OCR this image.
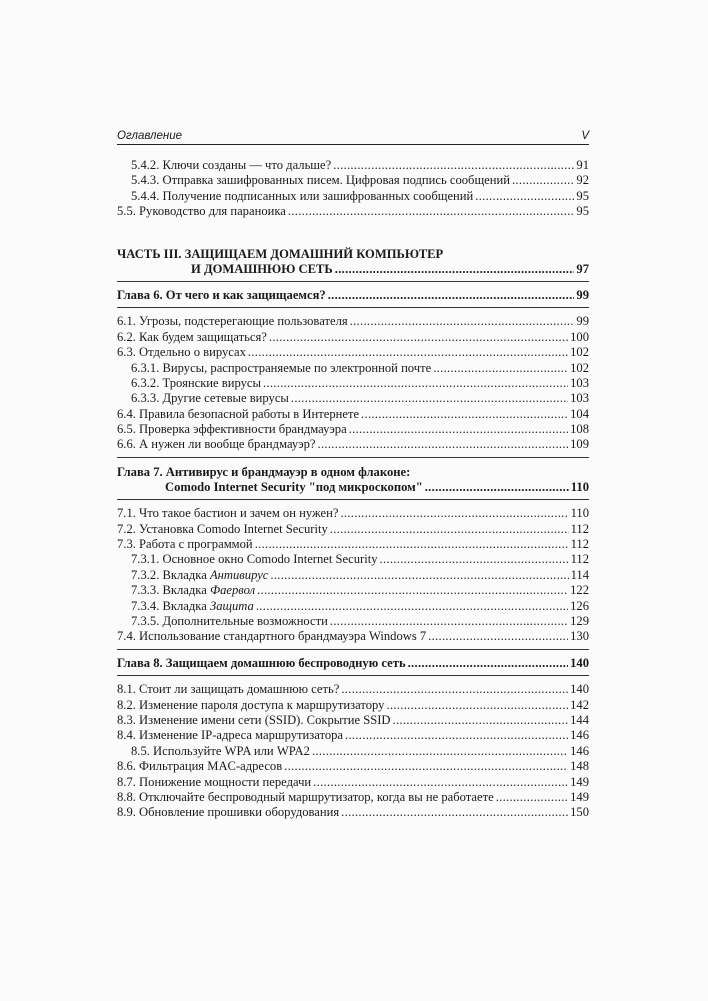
Оглавление	V
5.4.2. Ключи созданы — что дальше? .....	91
5.4.3. Отправка зашифрованных писем. Цифровая подпись сообщений .....	92
5.4.4. Получение подписанных или зашифрованных сообщений .....	95
5.5. Руководство для параноика .....	95
ЧАСТЬ III. ЗАЩИЩАЕМ ДОМАШНИЙ КОМПЬЮТЕР
И ДОМАШНЮЮ СЕТЬ .....	97
Глава 6. От чего и как защищаемся? .....	99
6.1. Угрозы, подстерегающие пользователя .....	99
6.2. Как будем защищаться? .....	100
6.3. Отдельно о вирусах .....	102
6.3.1. Вирусы, распространяемые по электронной почте .....	102
6.3.2. Троянские вирусы .....	103
6.3.3. Другие сетевые вирусы .....	103
6.4. Правила безопасной работы в Интернете .....	104
6.5. Проверка эффективности брандмауэра .....	108
6.6. А нужен ли вообще брандмауэр? .....	109
Глава 7. Антивирус и брандмауэр в одном флаконе:
Comodo Internet Security "под микроскопом" .....	110
7.1. Что такое бастион и зачем он нужен? .....	110
7.2. Установка Comodo Internet Security .....	112
7.3. Работа с программой .....	112
7.3.1. Основное окно Comodo Internet Security .....	112
7.3.2. Вкладка Антивирус .....	114
7.3.3. Вкладка Фаервол .....	122
7.3.4. Вкладка Защита .....	126
7.3.5. Дополнительные возможности .....	129
7.4. Использование стандартного брандмауэра Windows 7 .....	130
Глава 8. Защищаем домашнюю беспроводную сеть .....	140
8.1. Стоит ли защищать домашнюю сеть? .....	140
8.2. Изменение пароля доступа к маршрутизатору .....	142
8.3. Изменение имени сети (SSID). Сокрытие SSID .....	144
8.4. Изменение IP-адреса маршрутизатора .....	146
8.5. Используйте WPA или WPA2 .....	146
8.6. Фильтрация MAC-адресов .....	148
8.7. Понижение мощности передачи .....	149
8.8. Отключайте беспроводный маршрутизатор, когда вы не работаете .....	149
8.9. Обновление прошивки оборудования .....	150
